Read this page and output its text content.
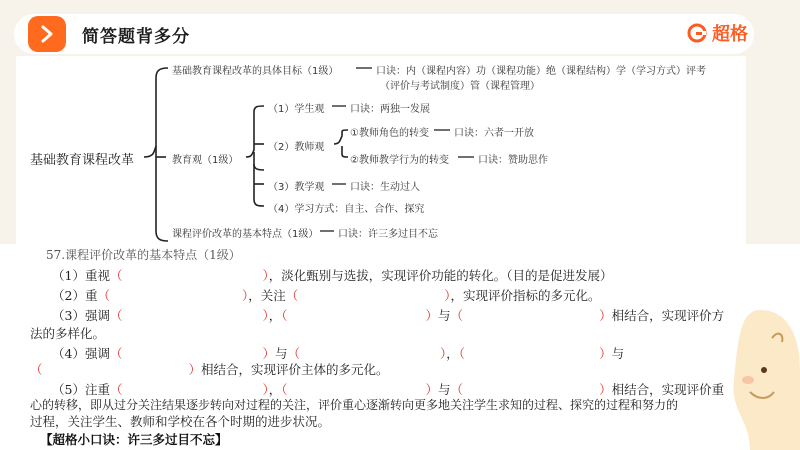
简答题背多分	超格
基础教育课程改革
基础教育课程改革的具体目标（1级）	口诀：内（课程内容）功（课程功能）绝（课程结构）学（学习方式）评考
（评价与考试制度）管（课程管理）
教育观（1级）
（1）学生观	口诀：两独一发展
（2）教师观
①教师角色的转变	口诀：六者一开放
②教师教学行为的转变	口诀：赞助思作
（3）教学观	口诀：生动过人
（4）学习方式：自主、合作、探究
课程评价改革的基本特点（1级） 口诀：许三多过目不忘
57.课程评价改革的基本特点（1级）
（1）重视（	），淡化甄别与选拔，实现评价功能的转化。（目的是促进发展）
（2）重（	），关注（	），实现评价指标的多元化。
（3）强调（	），（	）与（	）相结合，实现评价方
法的多样化。
（4）强调（	）与（	），（	）与
（	）相结合，实现评价主体的多元化。
（5）注重（	），（	）与（	）相结合，实现评价重
心的转移，即从过分关注结果逐步转向对过程的关注，评价重心逐渐转向更多地关注学生求知的过程、探究的过程和努力的
过程，关注学生、教师和学校在各个时期的进步状况。
【超格小口诀：许三多过目不忘】
